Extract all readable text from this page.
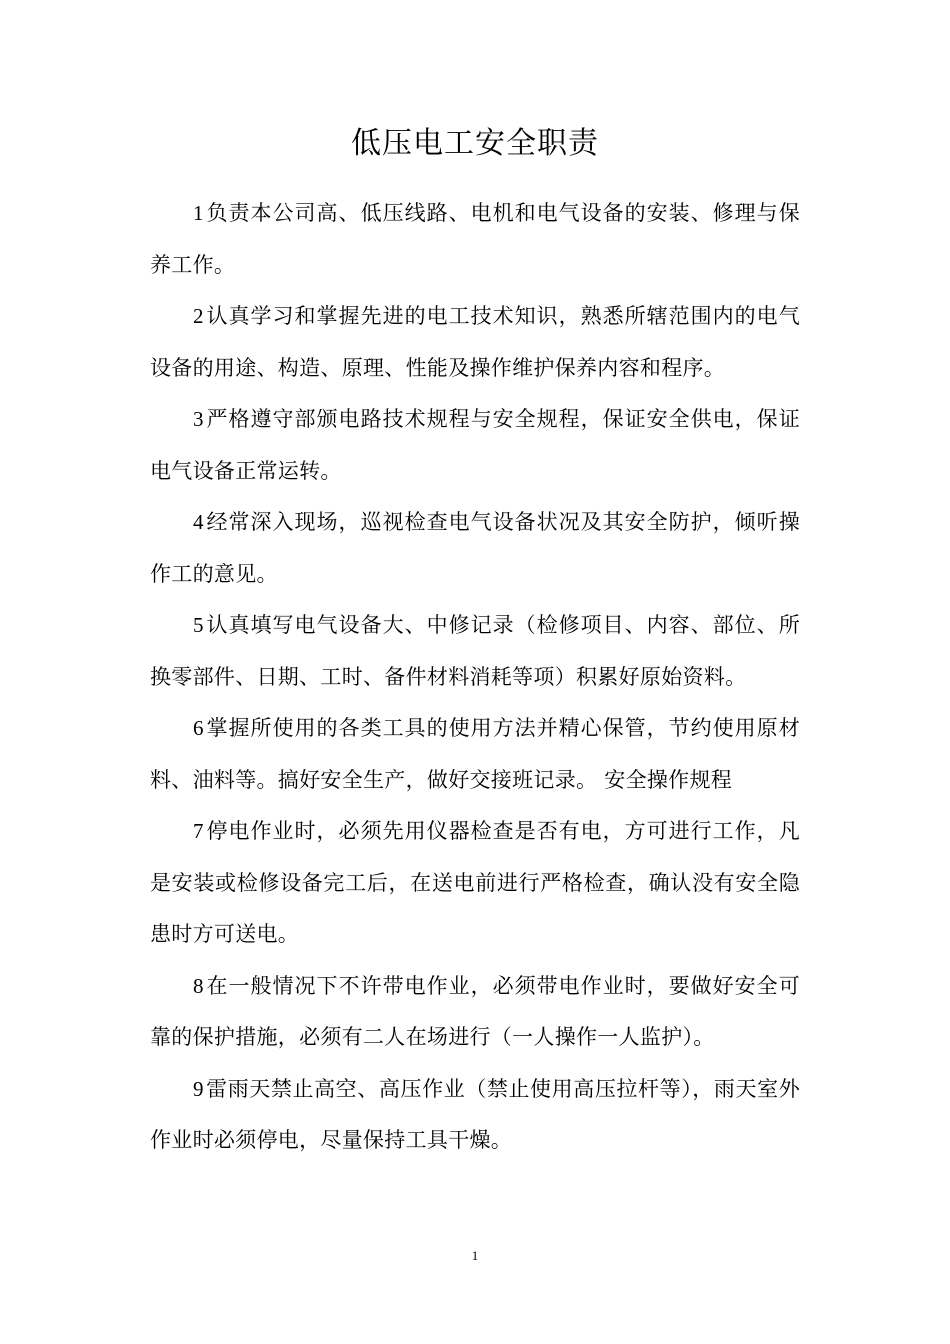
低压电工安全职责

1负责本公司高、低压线路、电机和电气设备的安装、修理与保养工作。

2认真学习和掌握先进的电工技术知识，熟悉所辖范围内的电气设备的用途、构造、原理、性能及操作维护保养内容和程序。

3严格遵守部颁电路技术规程与安全规程，保证安全供电，保证电气设备正常运转。

4经常深入现场，巡视检查电气设备状况及其安全防护，倾听操作工的意见。

5认真填写电气设备大、中修记录（检修项目、内容、部位、所换零部件、日期、工时、备件材料消耗等项）积累好原始资料。

6掌握所使用的各类工具的使用方法并精心保管，节约使用原材料、油料等。搞好安全生产，做好交接班记录。 安全操作规程

7停电作业时，必须先用仪器检查是否有电，方可进行工作，凡是安装或检修设备完工后，在送电前进行严格检查，确认没有安全隐患时方可送电。

8在一般情况下不许带电作业，必须带电作业时，要做好安全可靠的保护措施，必须有二人在场进行（一人操作一人监护）。

9雷雨天禁止高空、高压作业（禁止使用高压拉杆等），雨天室外作业时必须停电，尽量保持工具干燥。

1
